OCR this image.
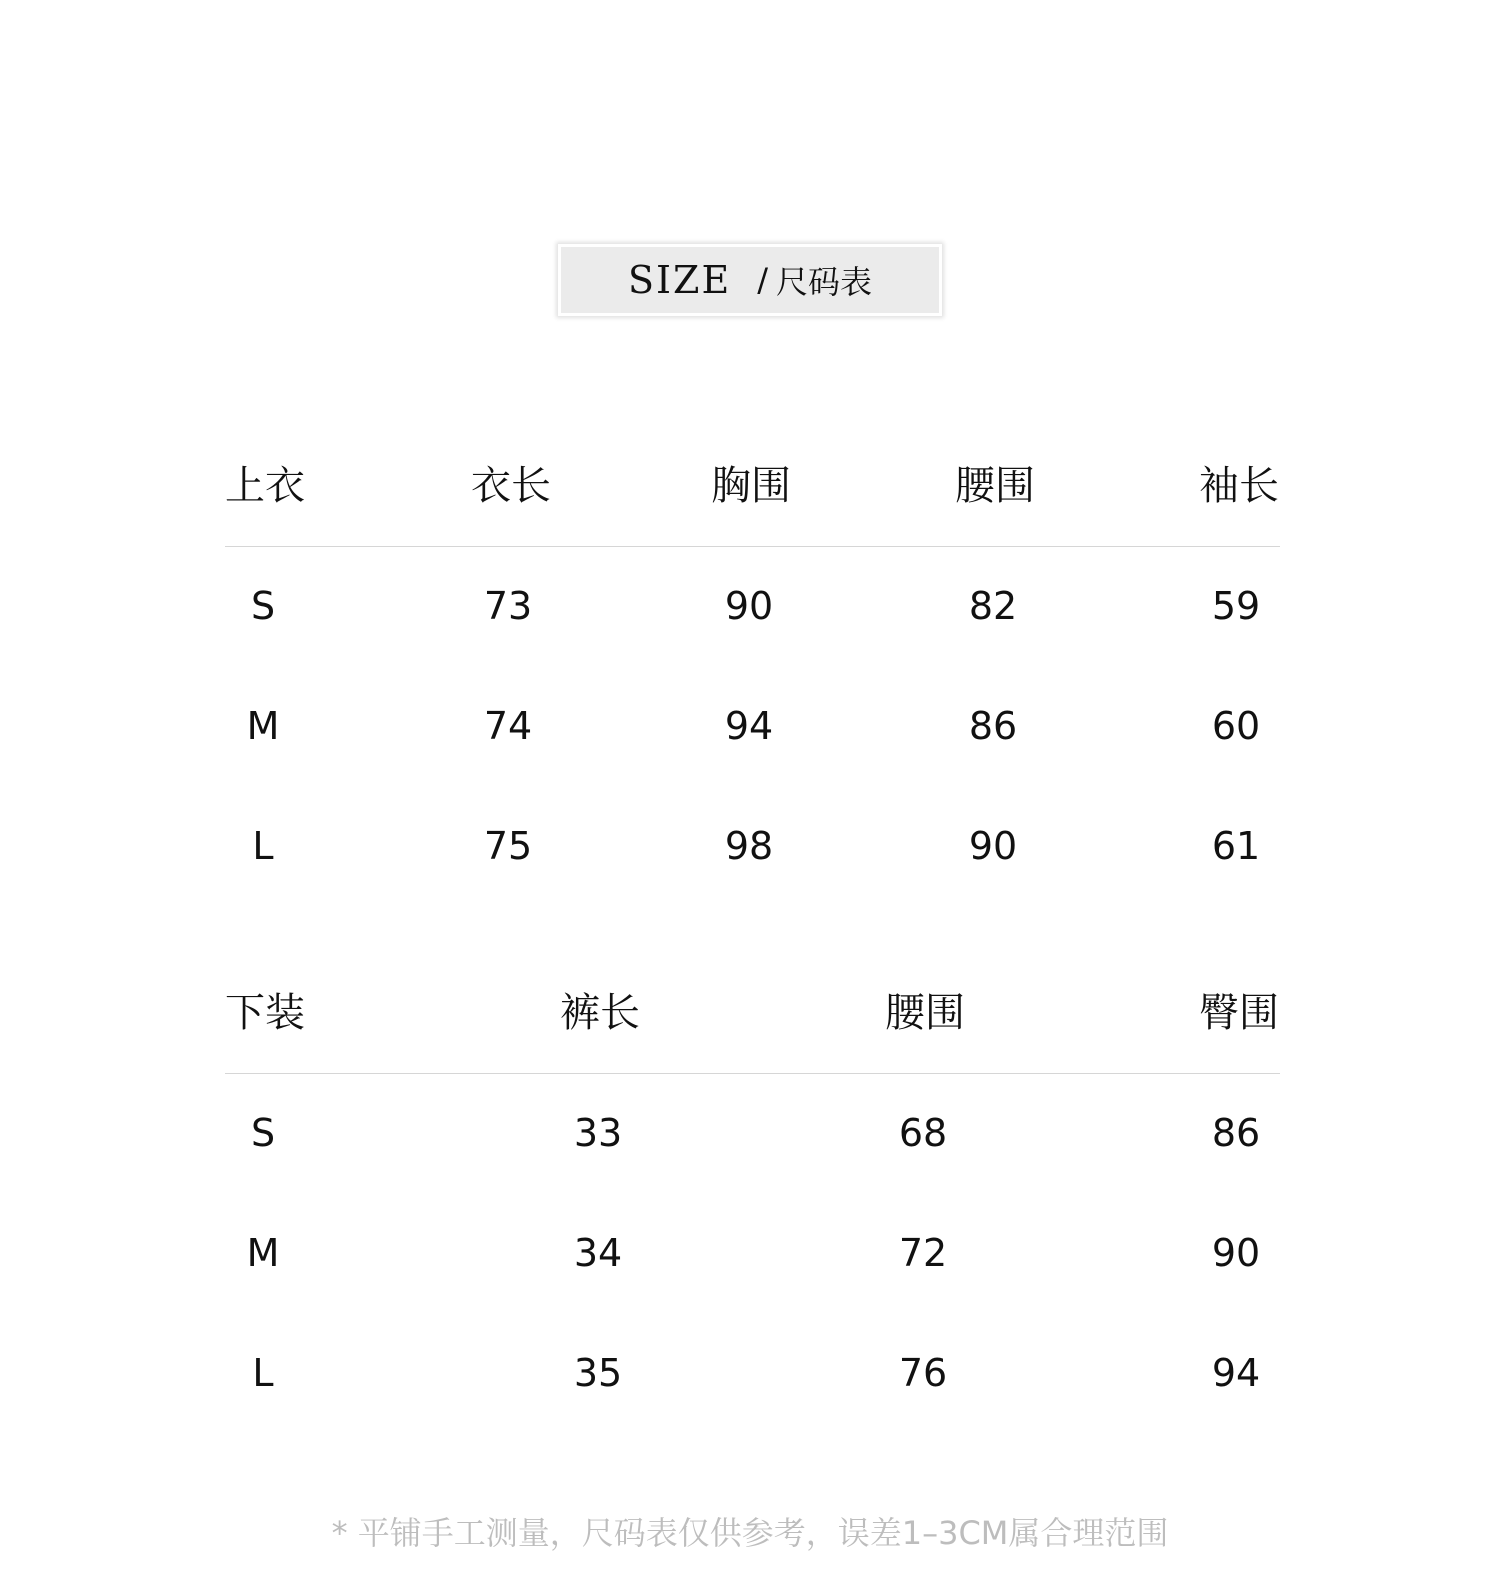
SIZE / 尺码表
上衣	衣长	胸围	腰围	袖长
S	73	90	82	59
M	74	94	86	60
L	75	98	90	61
下装	裤长	腰围	臀围
S	33	68	86
M	34	72	90
L	35	76	94
* 平铺手工测量，尺码表仅供参考，误差1–3CM属合理范围
